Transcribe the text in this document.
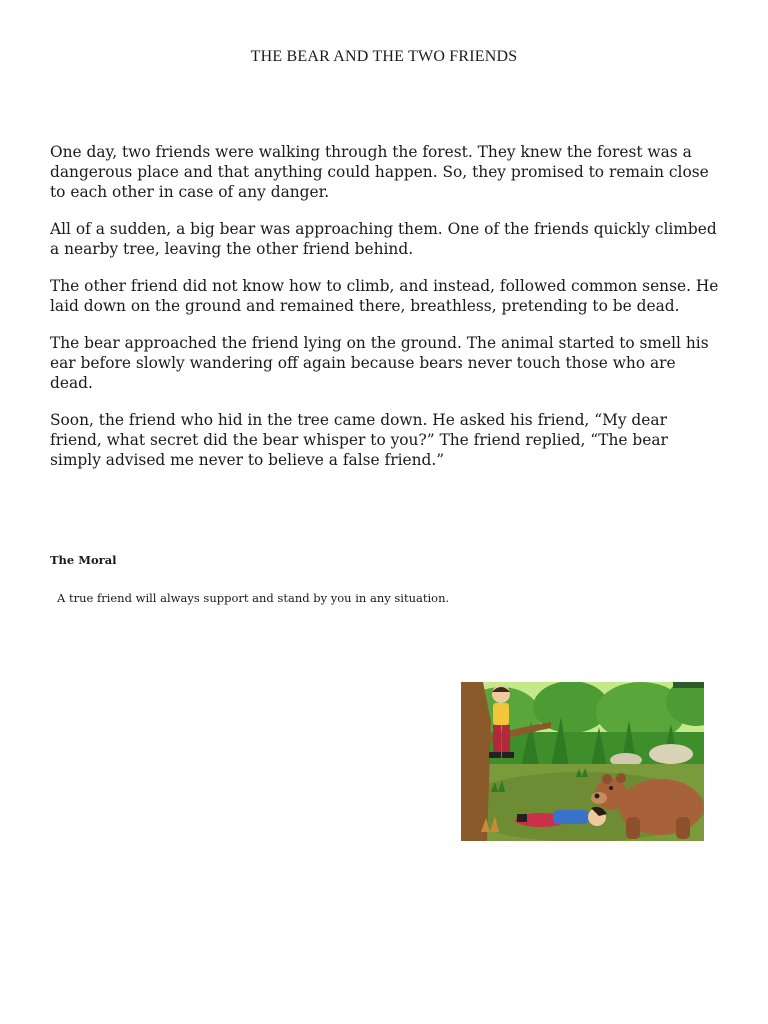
THE BEAR AND THE TWO FRIENDS

One day, two friends were walking through the forest. They knew the forest was a dangerous place and that anything could happen. So, they promised to remain close to each other in case of any danger.

All of a sudden, a big bear was approaching them. One of the friends quickly climbed a nearby tree, leaving the other friend behind.

The other friend did not know how to climb, and instead, followed common sense. He laid down on the ground and remained there, breathless, pretending to be dead.

The bear approached the friend lying on the ground. The animal started to smell his ear before slowly wandering off again because bears never touch those who are dead.

Soon, the friend who hid in the tree came down. He asked his friend, “My dear friend, what secret did the bear whisper to you?” The friend replied, “The bear simply advised me never to believe a false friend.”

The Moral

A true friend will always support and stand by you in any situation.
